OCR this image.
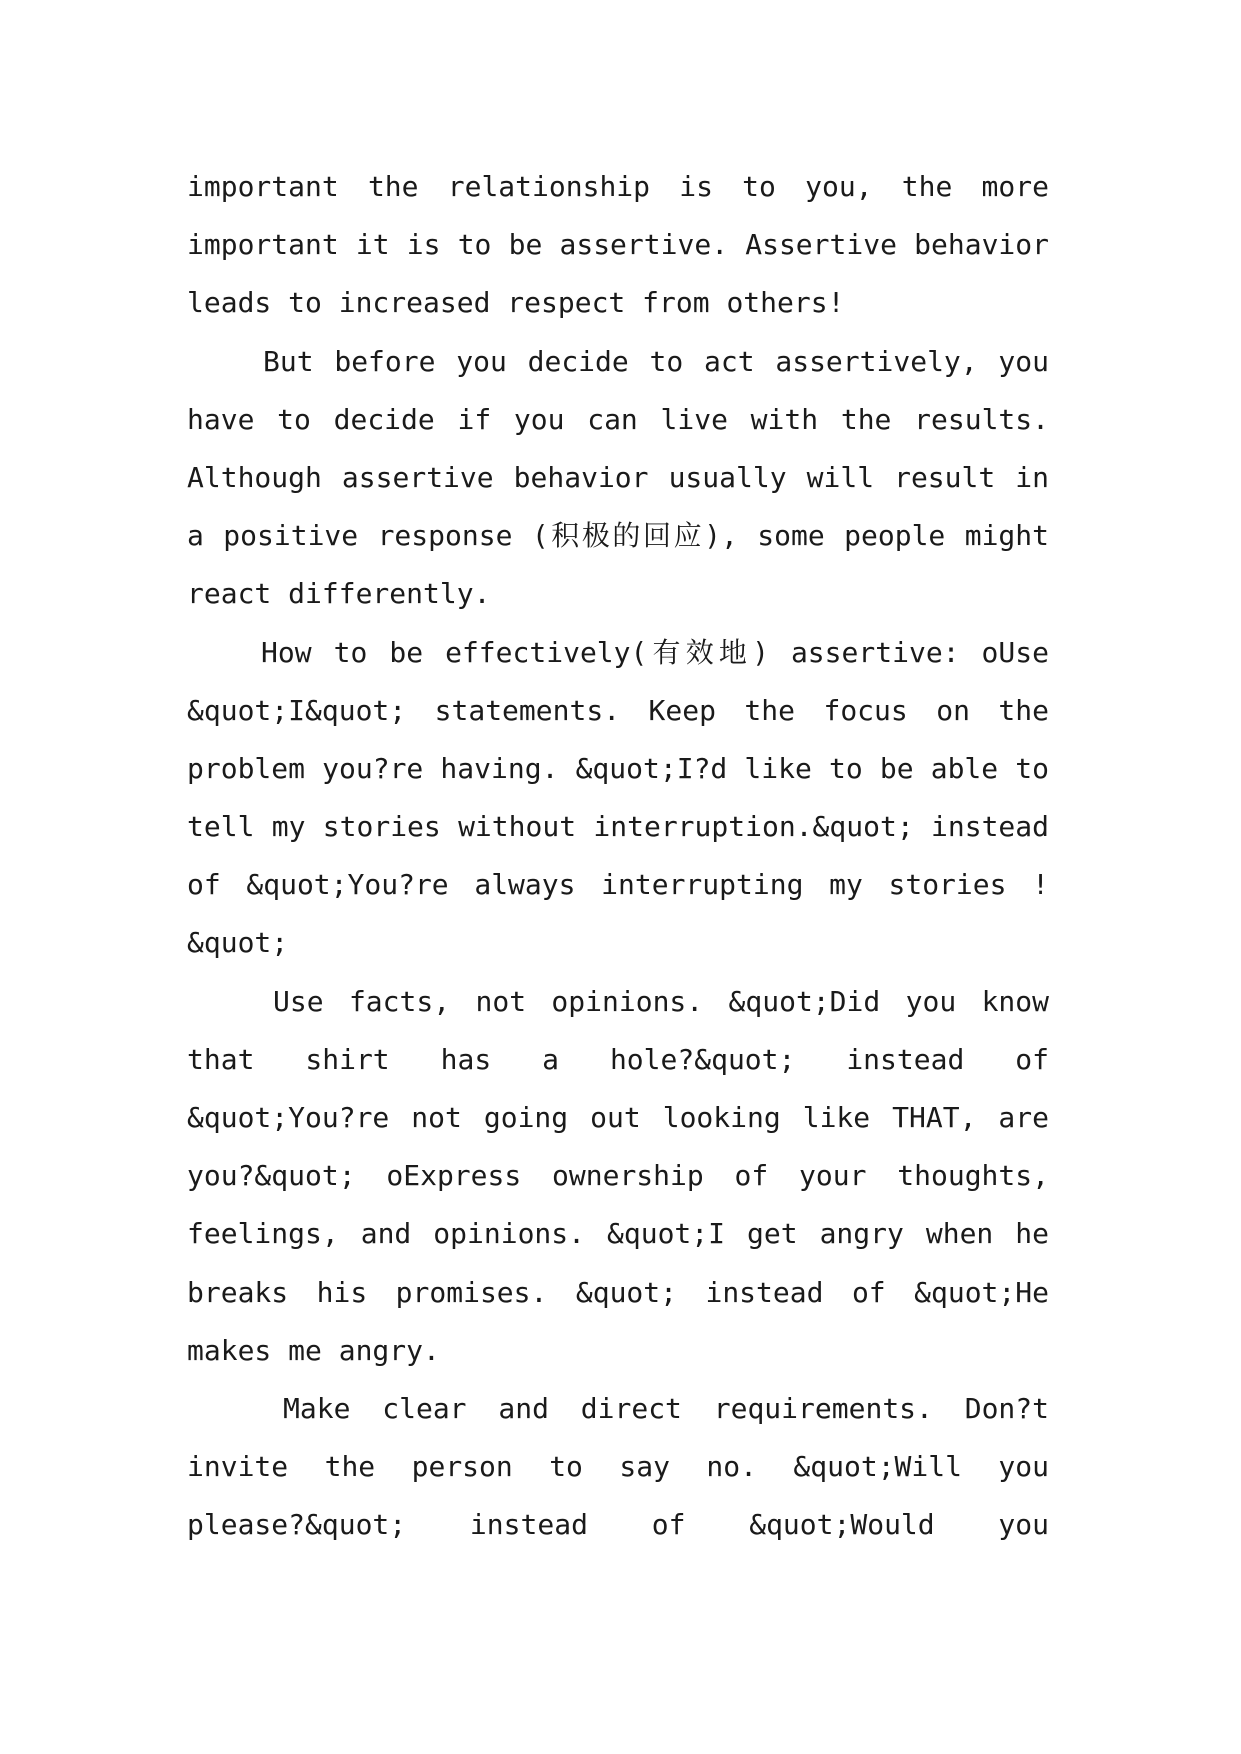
important the relationship is to you, the more
important it is to be assertive. Assertive behavior
leads to increased respect from others!
But before you decide to act assertively, you
have to decide if you can live with the results.
Although assertive behavior usually will result in
a positive response (积极的回应), some people might
react differently.
How to be effectively(有效地) assertive: oUse
&quot;I&quot; statements. Keep the focus on the
problem you?re having. &quot;I?d like to be able to
tell my stories without interruption.&quot; instead
of &quot;You?re always interrupting my stories !
&quot;
Use facts, not opinions. &quot;Did you know
that shirt has a hole?&quot; instead of
&quot;You?re not going out looking like THAT, are
you?&quot; oExpress ownership of your thoughts,
feelings, and opinions. &quot;I get angry when he
breaks his promises. &quot; instead of &quot;He
makes me angry.
Make clear and direct requirements. Don?t
invite the person to say no. &quot;Will you
please?&quot; instead of &quot;Would you
